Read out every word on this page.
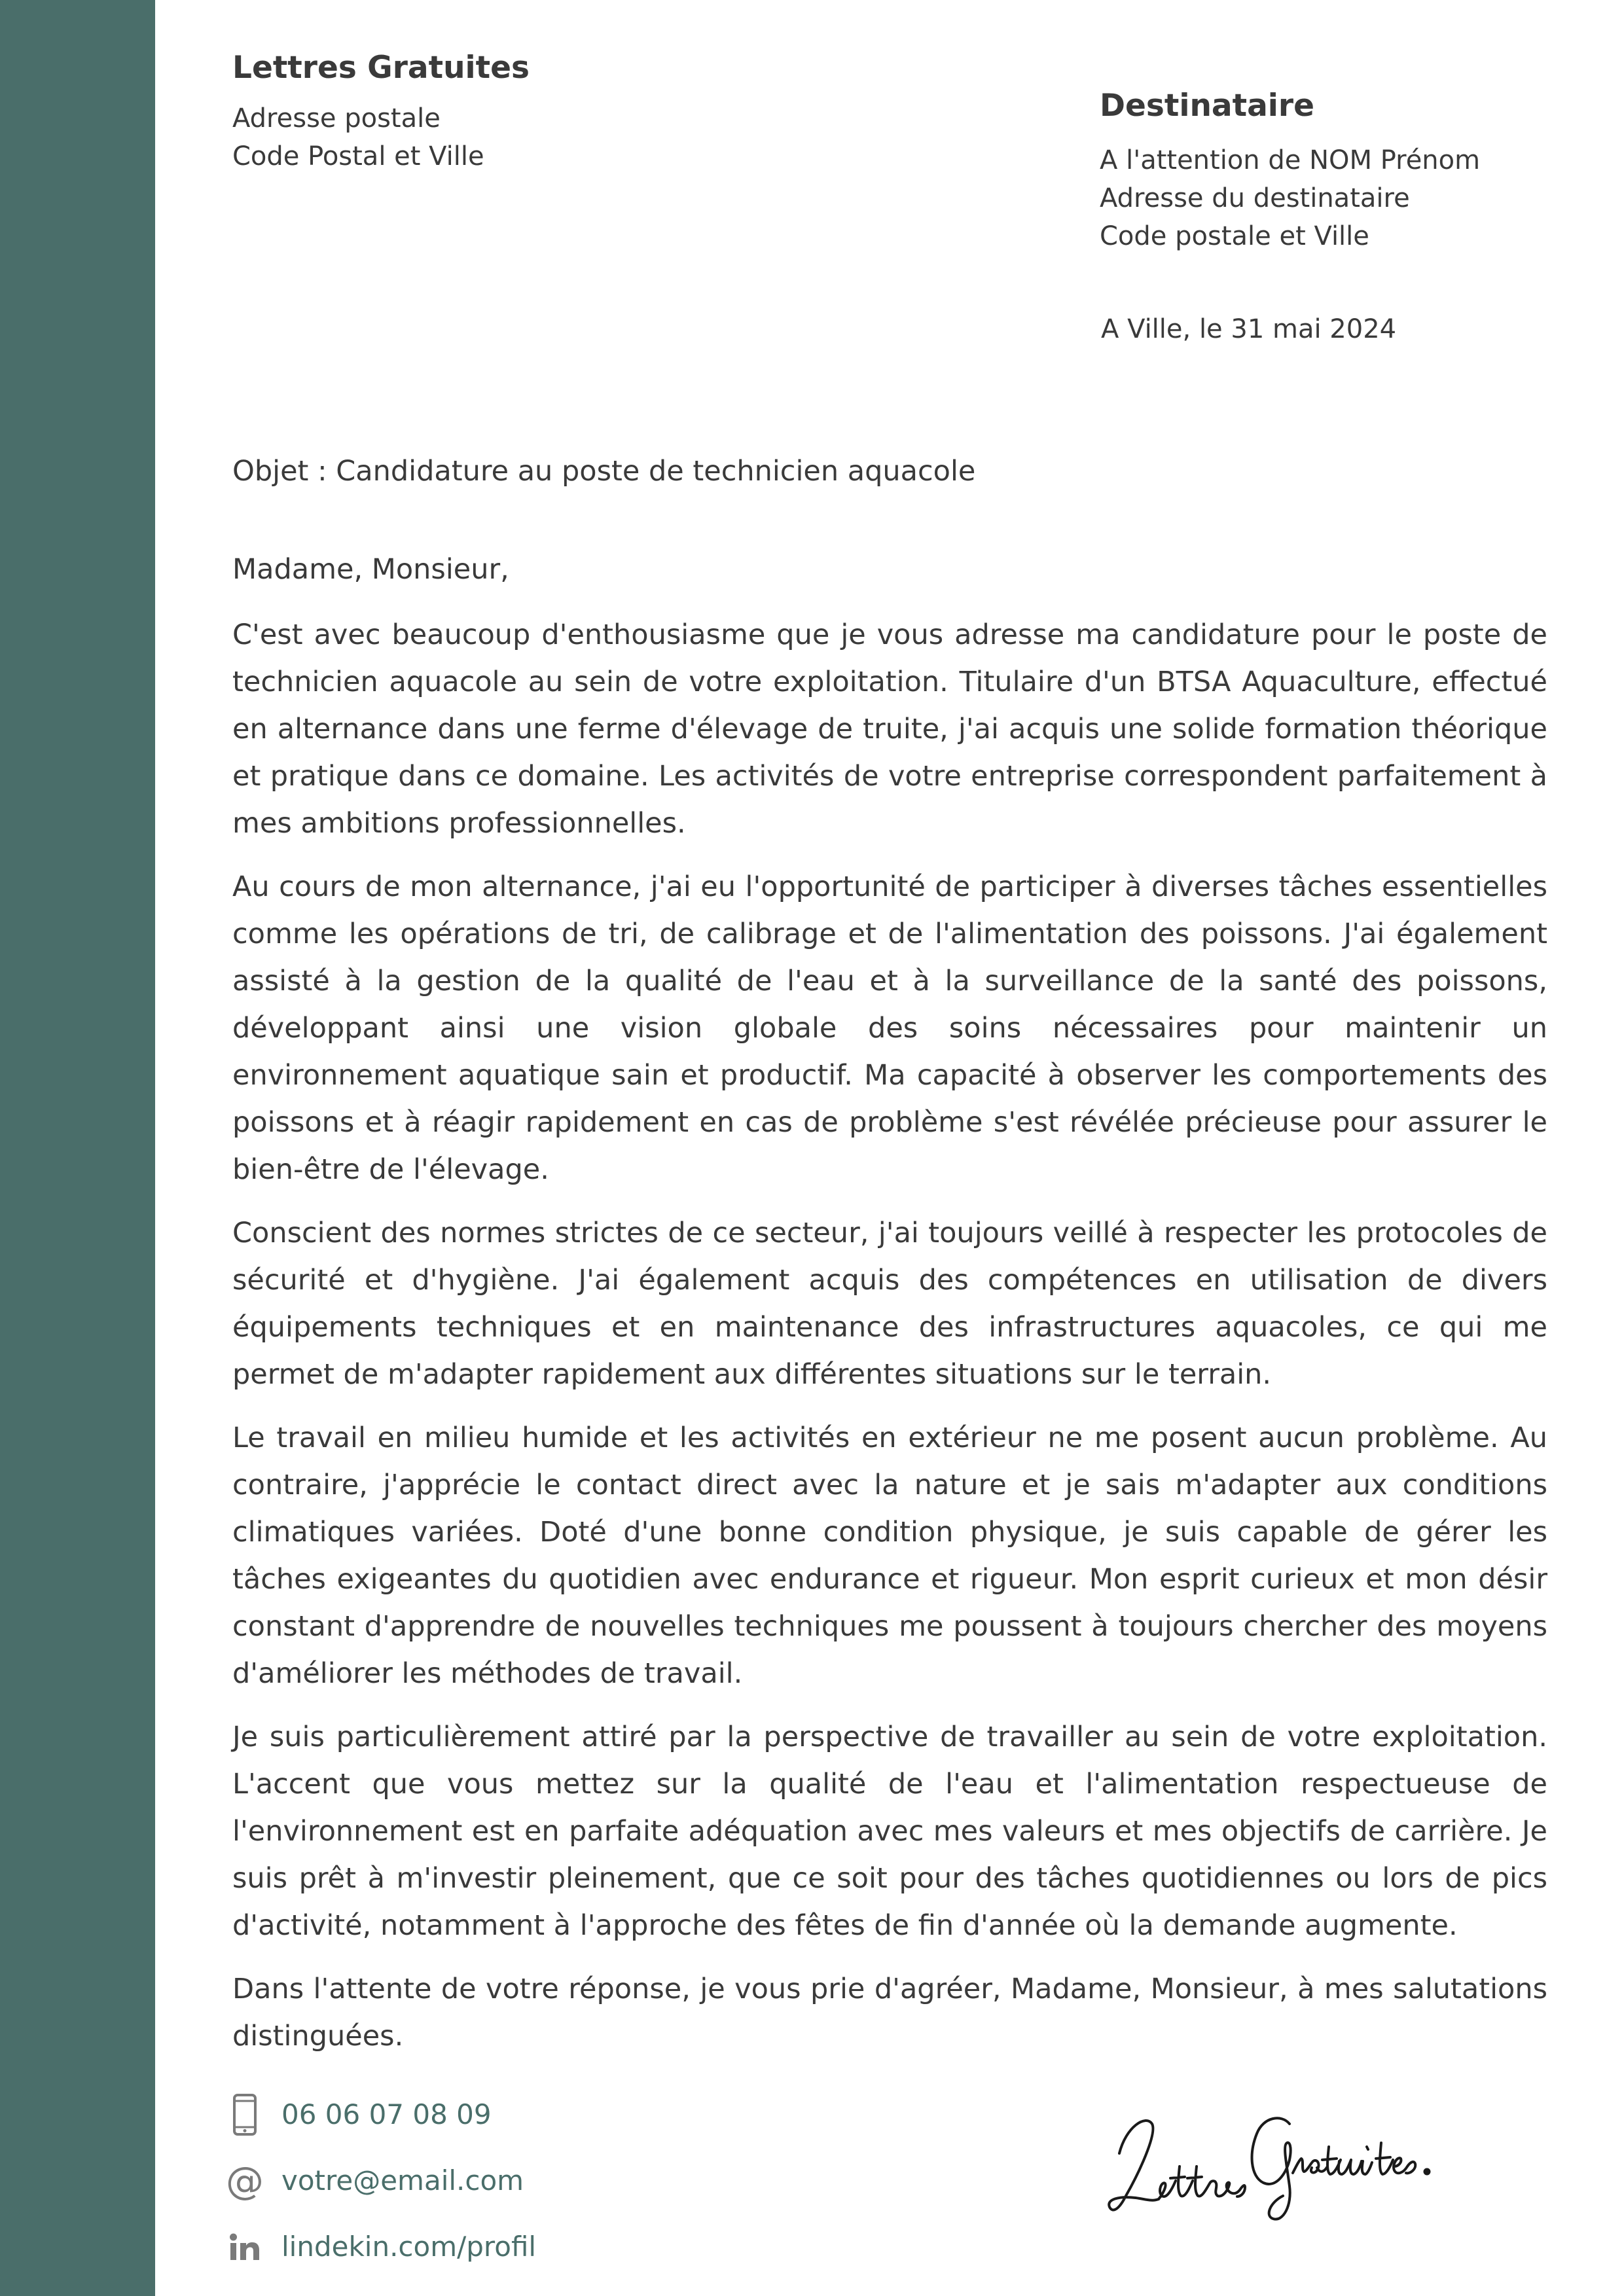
Lettres Gratuites
Adresse postale
Code Postal et Ville
Destinataire
A l'attention de NOM Prénom
Adresse du destinataire
Code postale et Ville
A Ville, le 31 mai 2024
Objet : Candidature au poste de technicien aquacole
Madame, Monsieur,

C'est avec beaucoup d'enthousiasme que je vous adresse ma candidature pour le poste de technicien aquacole au sein de votre exploitation. Titulaire d'un BTSA Aquaculture, effectué en alternance dans une ferme d'élevage de truite, j'ai acquis une solide formation théorique et pratique dans ce domaine. Les activités de votre entreprise correspondent parfaitement à mes ambitions professionnelles.

Au cours de mon alternance, j'ai eu l'opportunité de participer à diverses tâches essentielles comme les opérations de tri, de calibrage et de l'alimentation des poissons. J'ai également assisté à la gestion de la qualité de l'eau et à la surveillance de la santé des poissons, développant ainsi une vision globale des soins nécessaires pour maintenir un environnement aquatique sain et productif. Ma capacité à observer les comportements des poissons et à réagir rapidement en cas de problème s'est révélée précieuse pour assurer le bien-être de l'élevage.

Conscient des normes strictes de ce secteur, j'ai toujours veillé à respecter les protocoles de sécurité et d'hygiène. J'ai également acquis des compétences en utilisation de divers équipements techniques et en maintenance des infrastructures aquacoles, ce qui me permet de m'adapter rapidement aux différentes situations sur le terrain.

Le travail en milieu humide et les activités en extérieur ne me posent aucun problème. Au contraire, j'apprécie le contact direct avec la nature et je sais m'adapter aux conditions climatiques variées. Doté d'une bonne condition physique, je suis capable de gérer les tâches exigeantes du quotidien avec endurance et rigueur. Mon esprit curieux et mon désir constant d'apprendre de nouvelles techniques me poussent à toujours chercher des moyens d'améliorer les méthodes de travail.

Je suis particulièrement attiré par la perspective de travailler au sein de votre exploitation. L'accent que vous mettez sur la qualité de l'eau et l'alimentation respectueuse de l'environnement est en parfaite adéquation avec mes valeurs et mes objectifs de carrière. Je suis prêt à m'investir pleinement, que ce soit pour des tâches quotidiennes ou lors de pics d'activité, notamment à l'approche des fêtes de fin d'année où la demande augmente.

Dans l'attente de votre réponse, je vous prie d'agréer, Madame, Monsieur, à mes salutations distinguées.

06 06 07 08 09
@ votre@email.com
lindekin.com/profil
